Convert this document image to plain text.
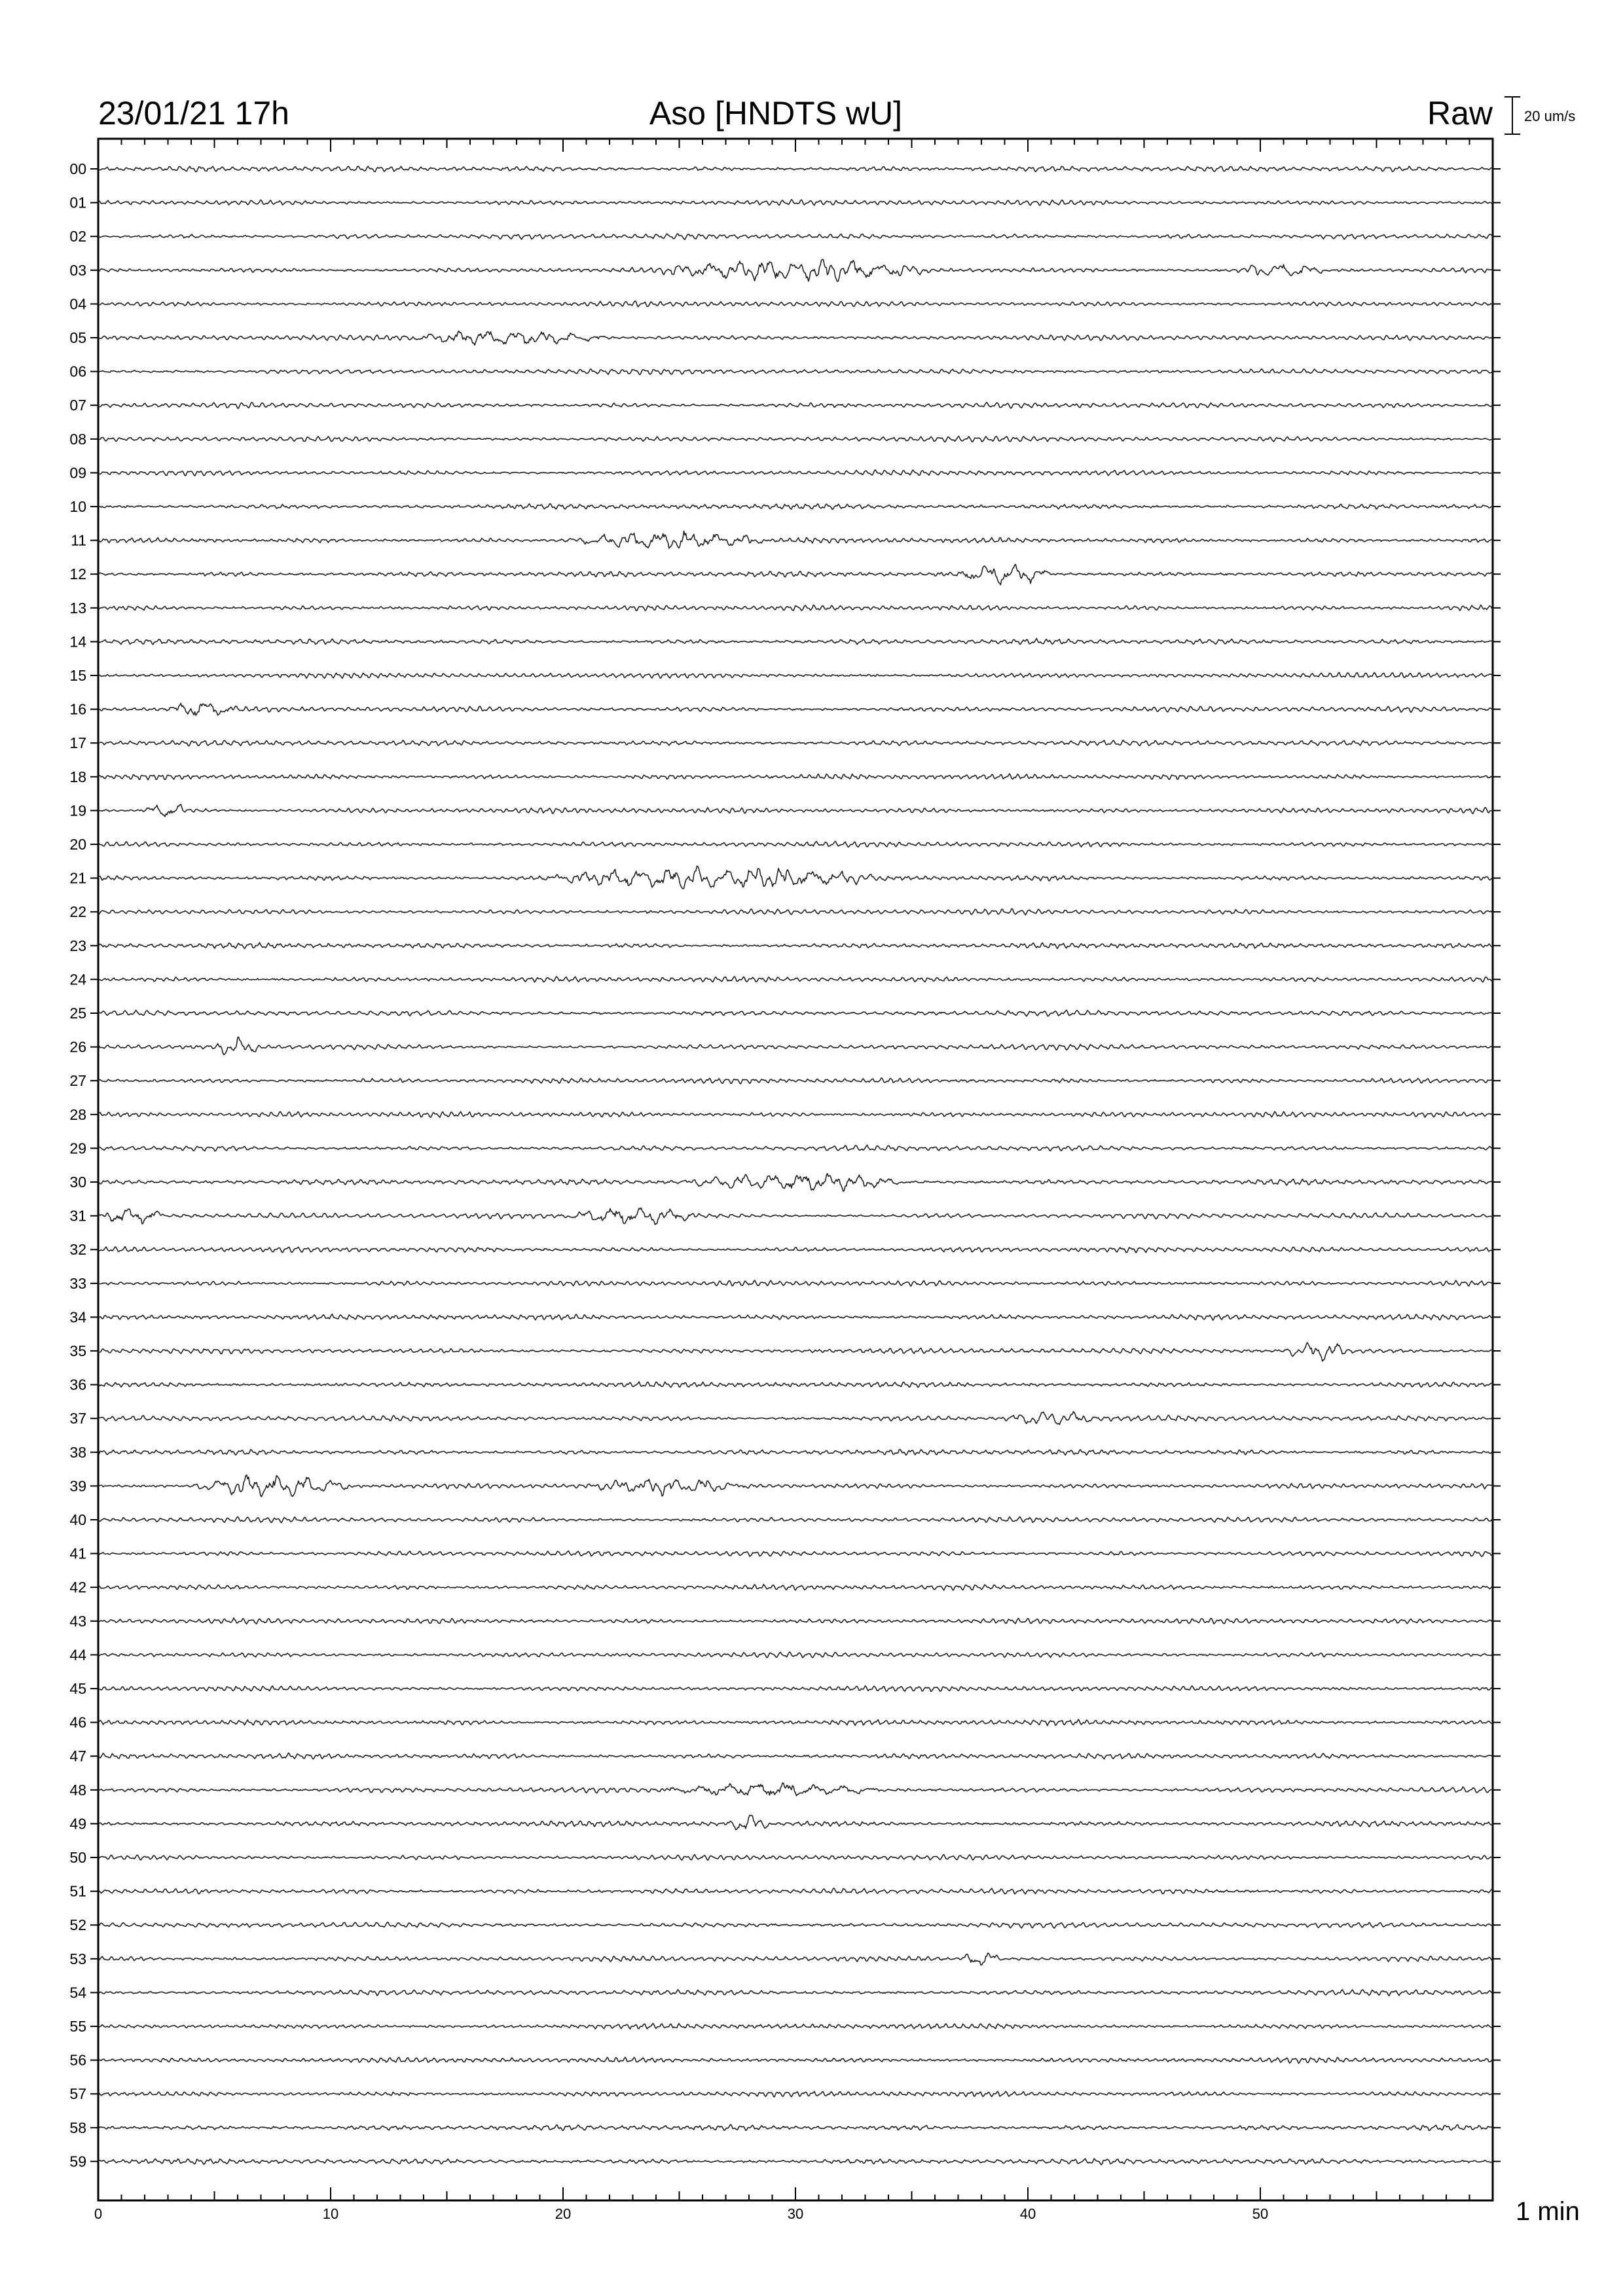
23/01/21 17h	Aso [HNDTS wU]	Raw 20 um/s
0	10	20	30	40	50
00
01
02
03
04
05
06
07
08
09
10
11
12
13
14
15
16
17
18
19
20
21
22
23
24
25
26
27
28
29
30
31
32
33
34
35
36
37
38
39
40
41
42
43
44
45
46
47
48
49
50
51
52
53
54
55
56
57
58
59
1 min
